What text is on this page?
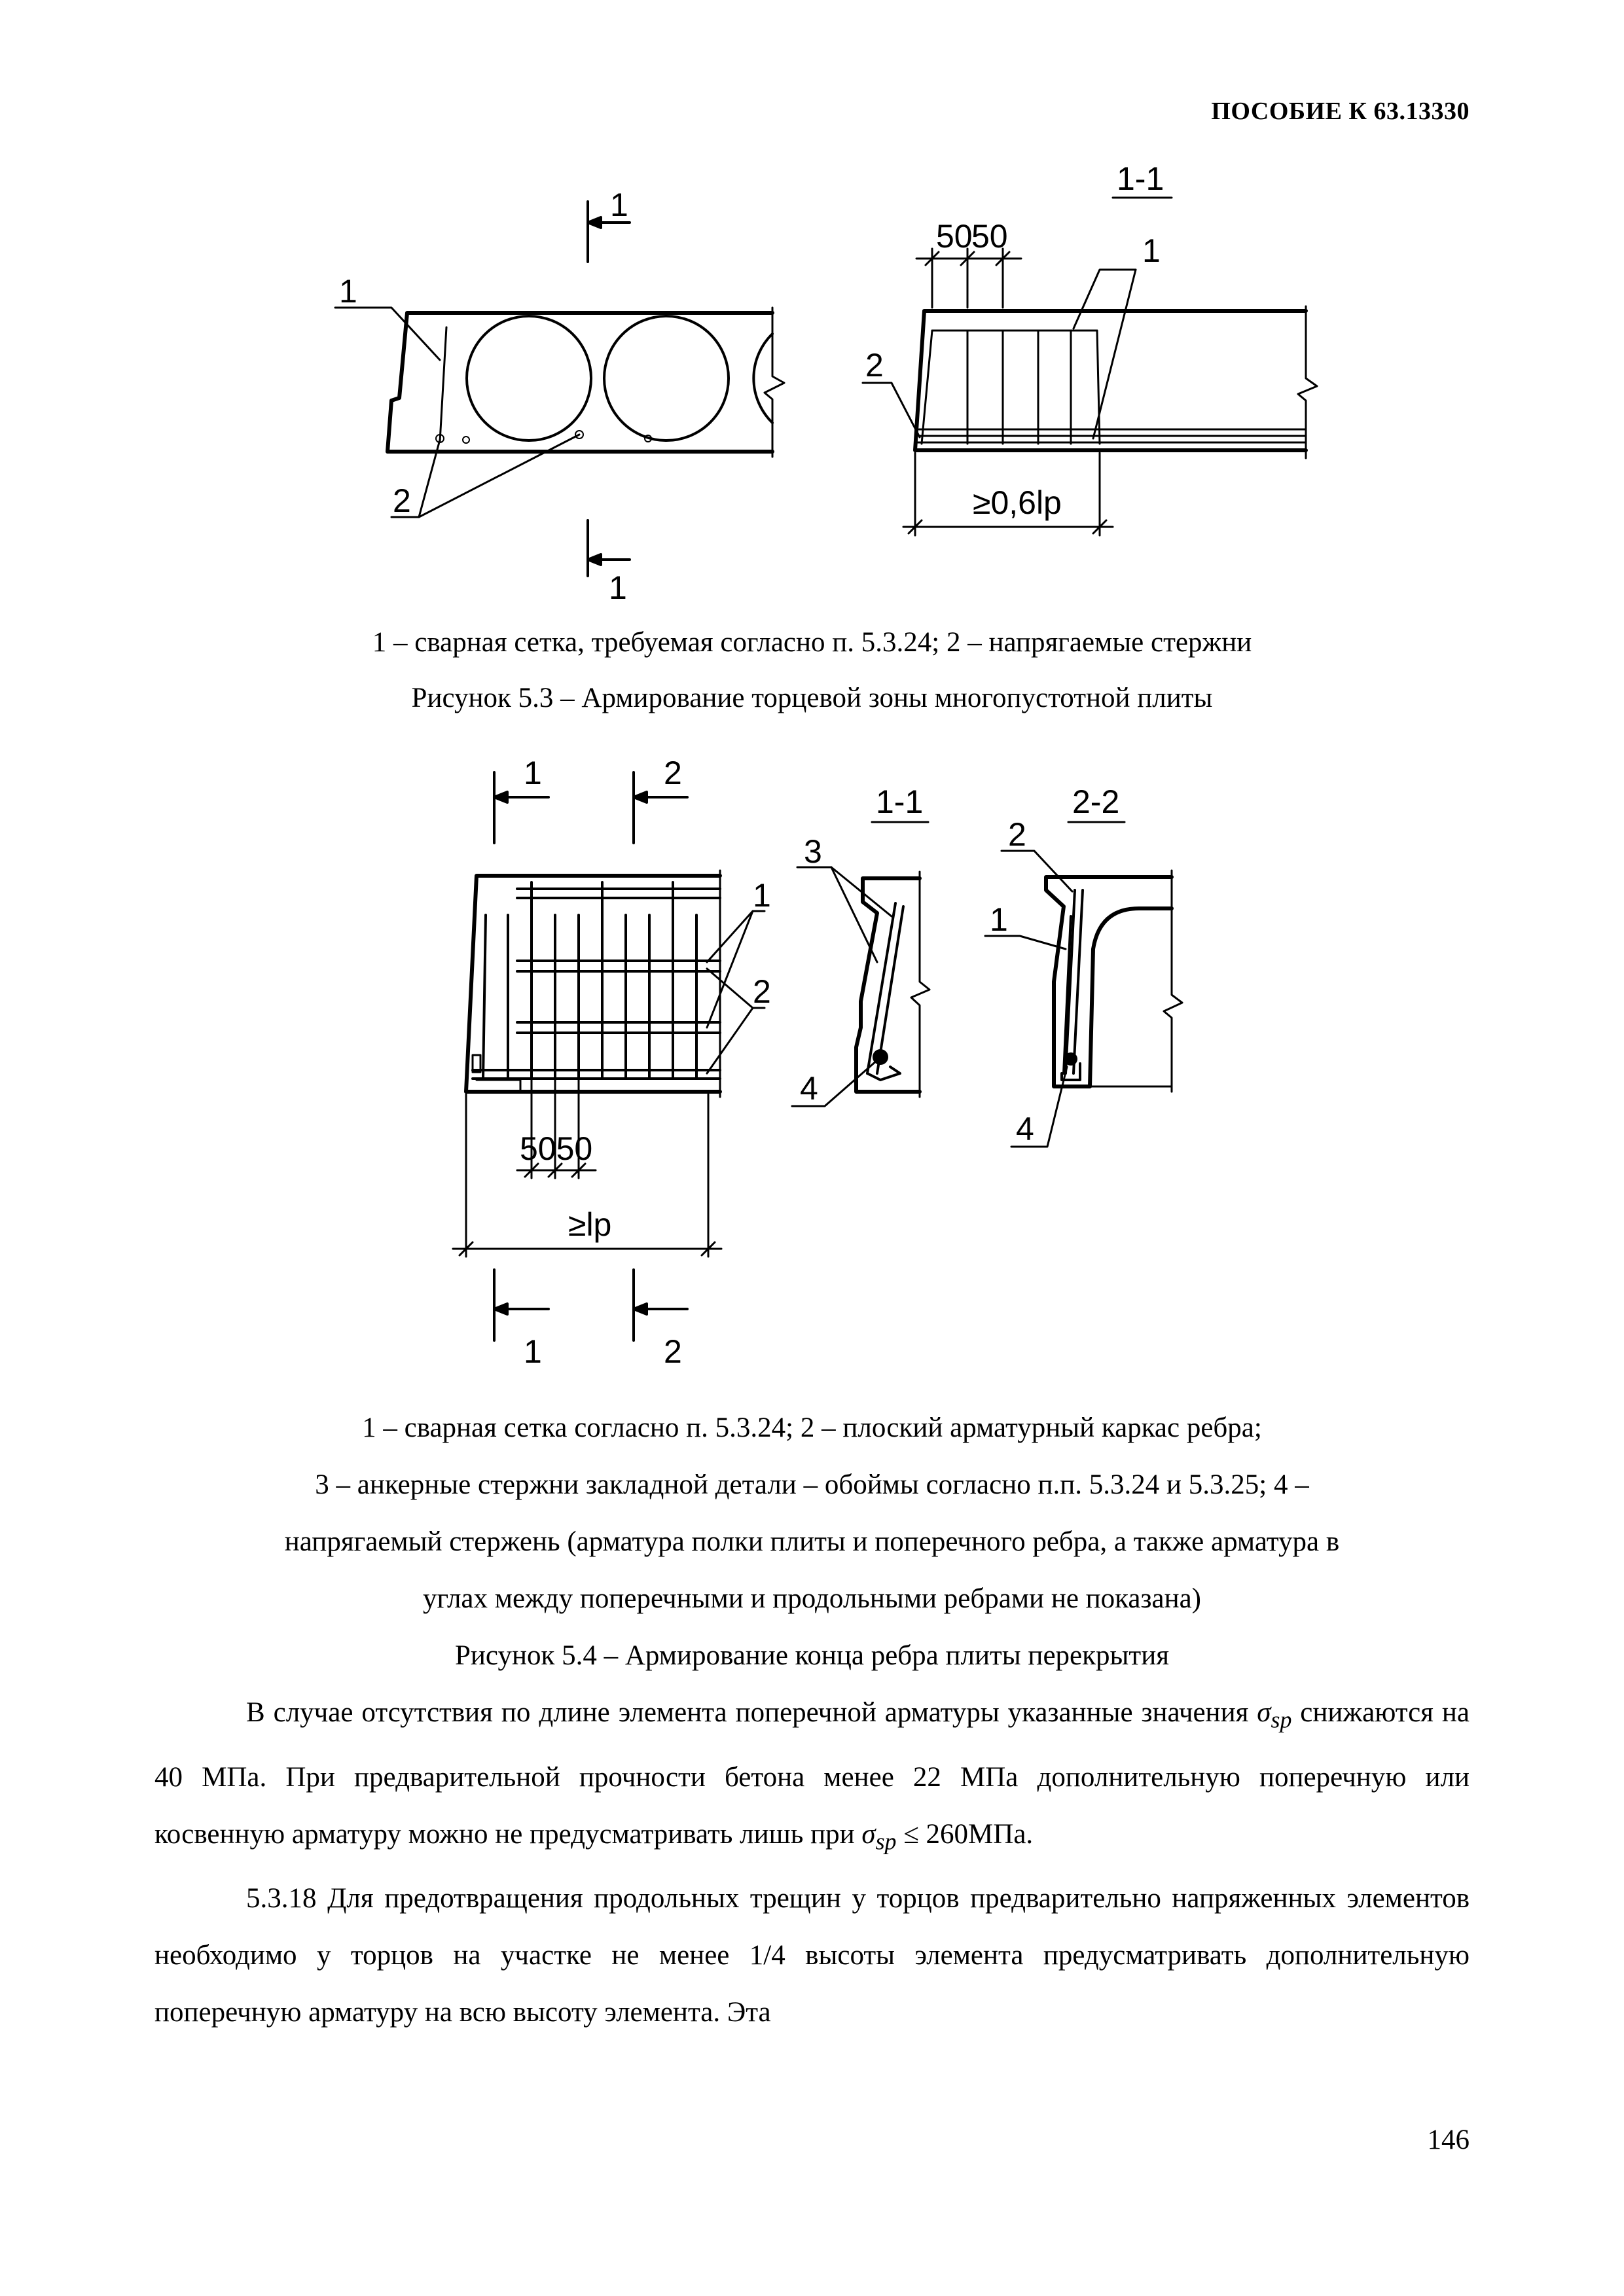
ПОСОБИЕ К 63.13330
1
1
1
2
1-1
50
50
≥0,6lp
1
2
1	2
1	2
1
2
5050
≥lp
1-1
3
4
2-2
2
1
4
1 – сварная сетка, требуемая согласно п. 5.3.24; 2 – напрягаемые стержни
Рисунок 5.3 – Армирование торцевой зоны многопустотной плиты
1 – сварная сетка согласно п. 5.3.24; 2 – плоский арматурный каркас ребра;
3 – анкерные стержни закладной детали – обоймы согласно п.п. 5.3.24 и 5.3.25; 4 –
напрягаемый стержень (арматура полки плиты и поперечного ребра, а также арматура в
углах между поперечными и продольными ребрами не показана)
Рисунок 5.4 – Армирование конца ребра плиты перекрытия

В случае отсутствия по длине элемента поперечной арматуры указанные значения $\sigma_{sp}$ снижаются на 40 МПа. При предварительной прочности бетона менее 22 МПа дополнительную поперечную или косвенную арматуру можно не предусматривать лишь при $\sigma_{sp} \le 260МПа$.

5.3.18 Для предотвращения продольных трещин у торцов предварительно напряженных элементов необходимо у торцов на участке не менее 1/4 высоты элемента предусматривать дополнительную поперечную арматуру на всю высоту элемента. Эта

146
